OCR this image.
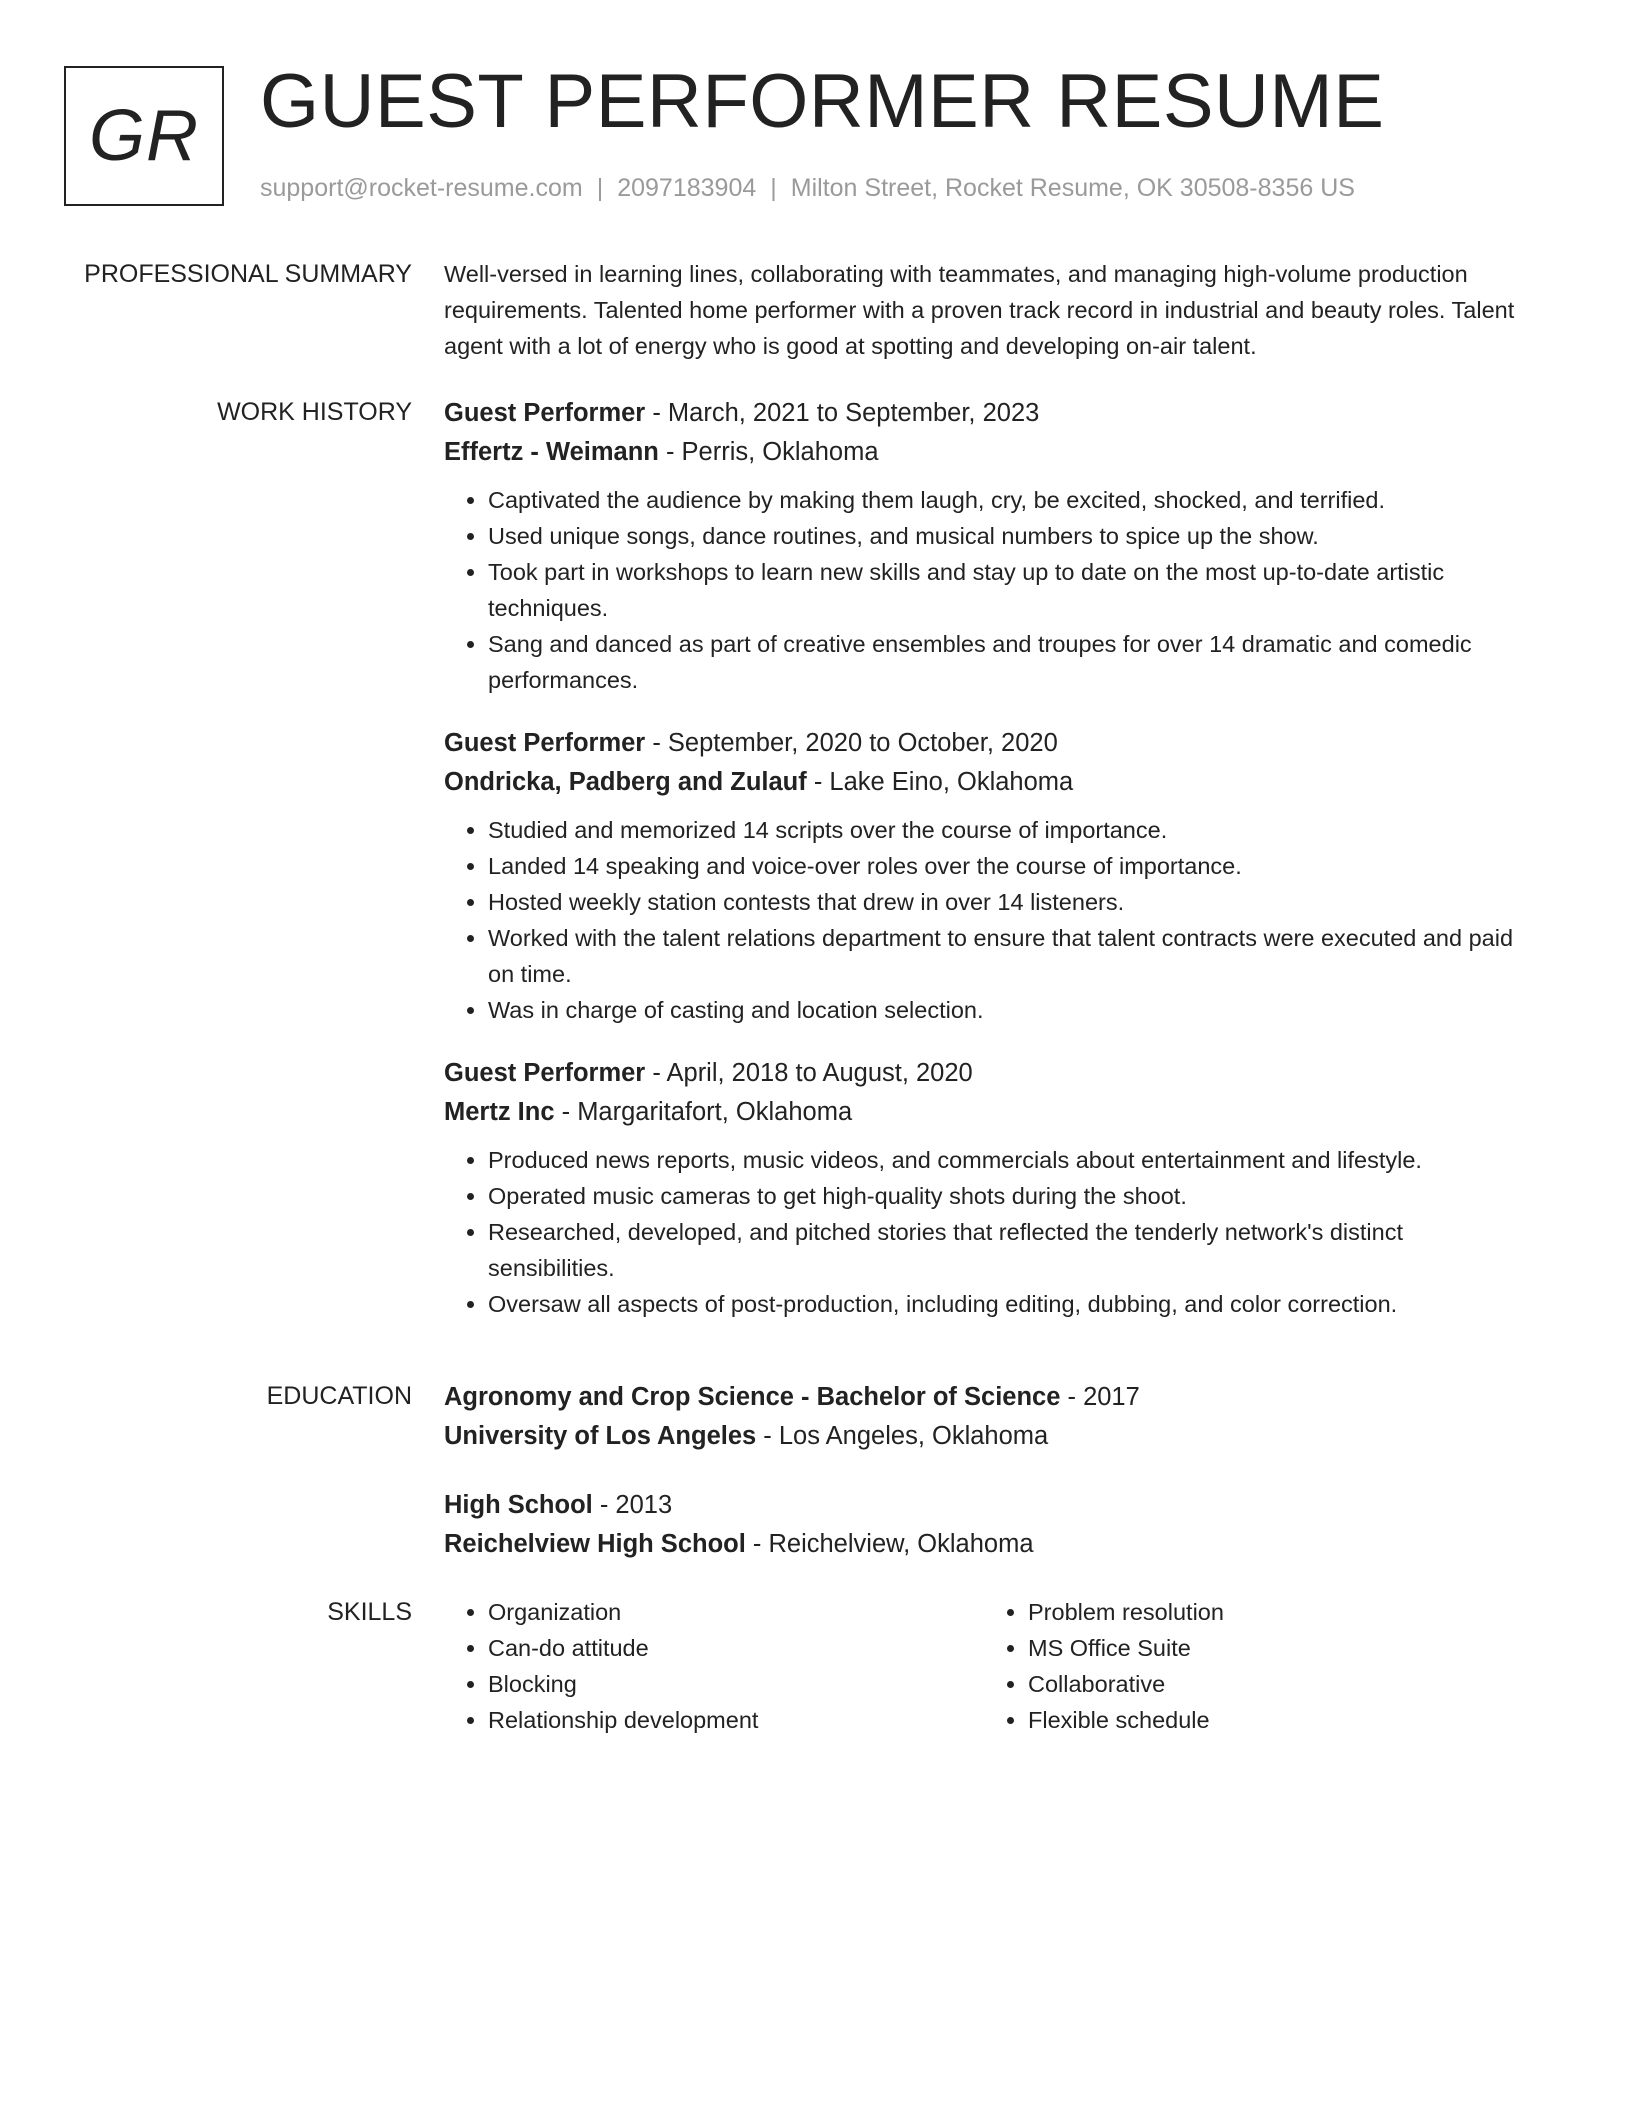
GR GUEST PERFORMER RESUME
support@rocket-resume.com | 2097183904 | Milton Street, Rocket Resume, OK 30508-8356 US
PROFESSIONAL SUMMARY Well-versed in learning lines, collaborating with teammates, and managing high-volume production requirements. Talented home performer with a proven track record in industrial and beauty roles. Talent agent with a lot of energy who is good at spotting and developing on-air talent.

WORK HISTORY Guest Performer - March, 2021 to September, 2023
Effertz - Weimann - Perris, Oklahoma
• Captivated the audience by making them laugh, cry, be excited, shocked, and terrified.
• Used unique songs, dance routines, and musical numbers to spice up the show.
• Took part in workshops to learn new skills and stay up to date on the most up-to-date artistic techniques.
• Sang and danced as part of creative ensembles and troupes for over 14 dramatic and comedic performances.
Guest Performer - September, 2020 to October, 2020
Ondricka, Padberg and Zulauf - Lake Eino, Oklahoma
• Studied and memorized 14 scripts over the course of importance.
• Landed 14 speaking and voice-over roles over the course of importance.
• Hosted weekly station contests that drew in over 14 listeners.
• Worked with the talent relations department to ensure that talent contracts were executed and paid on time.
• Was in charge of casting and location selection.
Guest Performer - April, 2018 to August, 2020
Mertz Inc - Margaritafort, Oklahoma
• Produced news reports, music videos, and commercials about entertainment and lifestyle.
• Operated music cameras to get high-quality shots during the shoot.
• Researched, developed, and pitched stories that reflected the tenderly network's distinct sensibilities.
• Oversaw all aspects of post-production, including editing, dubbing, and color correction.
EDUCATION Agronomy and Crop Science - Bachelor of Science - 2017
University of Los Angeles - Los Angeles, Oklahoma
High School - 2013
Reichelview High School - Reichelview, Oklahoma
SKILLS
•	Organization
• Can-do attitude
• Blocking
• Relationship development
• Problem resolution
• MS Office Suite
• Collaborative
• Flexible schedule
